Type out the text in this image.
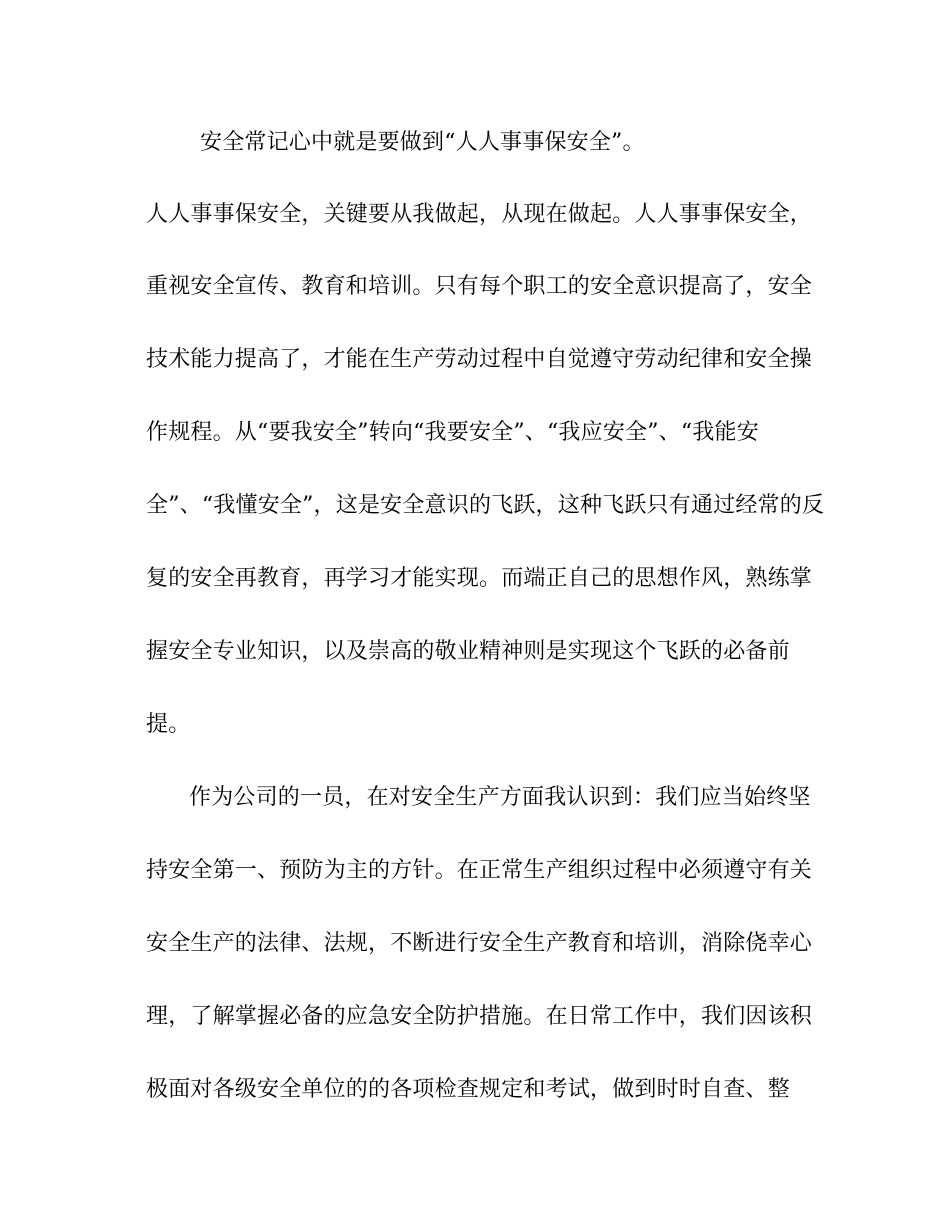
安全常记心中就是要做到“人人事事保安全”。
人人事事保安全，关键要从我做起，从现在做起。人人事事保安全，
重视安全宣传、教育和培训。只有每个职工的安全意识提高了，安全
技术能力提高了，才能在生产劳动过程中自觉遵守劳动纪律和安全操
作规程。从“要我安全”转向“我要安全”、“我应安全”、“我能安
全”、“我懂安全”，这是安全意识的飞跃，这种飞跃只有通过经常的反
复的安全再教育，再学习才能实现。而端正自己的思想作风，熟练掌
握安全专业知识，以及崇高的敬业精神则是实现这个飞跃的必备前
提。
作为公司的一员，在对安全生产方面我认识到：我们应当始终坚
持安全第一、预防为主的方针。在正常生产组织过程中必须遵守有关
安全生产的法律、法规，不断进行安全生产教育和培训，消除侥幸心
理，了解掌握必备的应急安全防护措施。在日常工作中，我们因该积
极面对各级安全单位的的各项检查规定和考试，做到时时自查、整
